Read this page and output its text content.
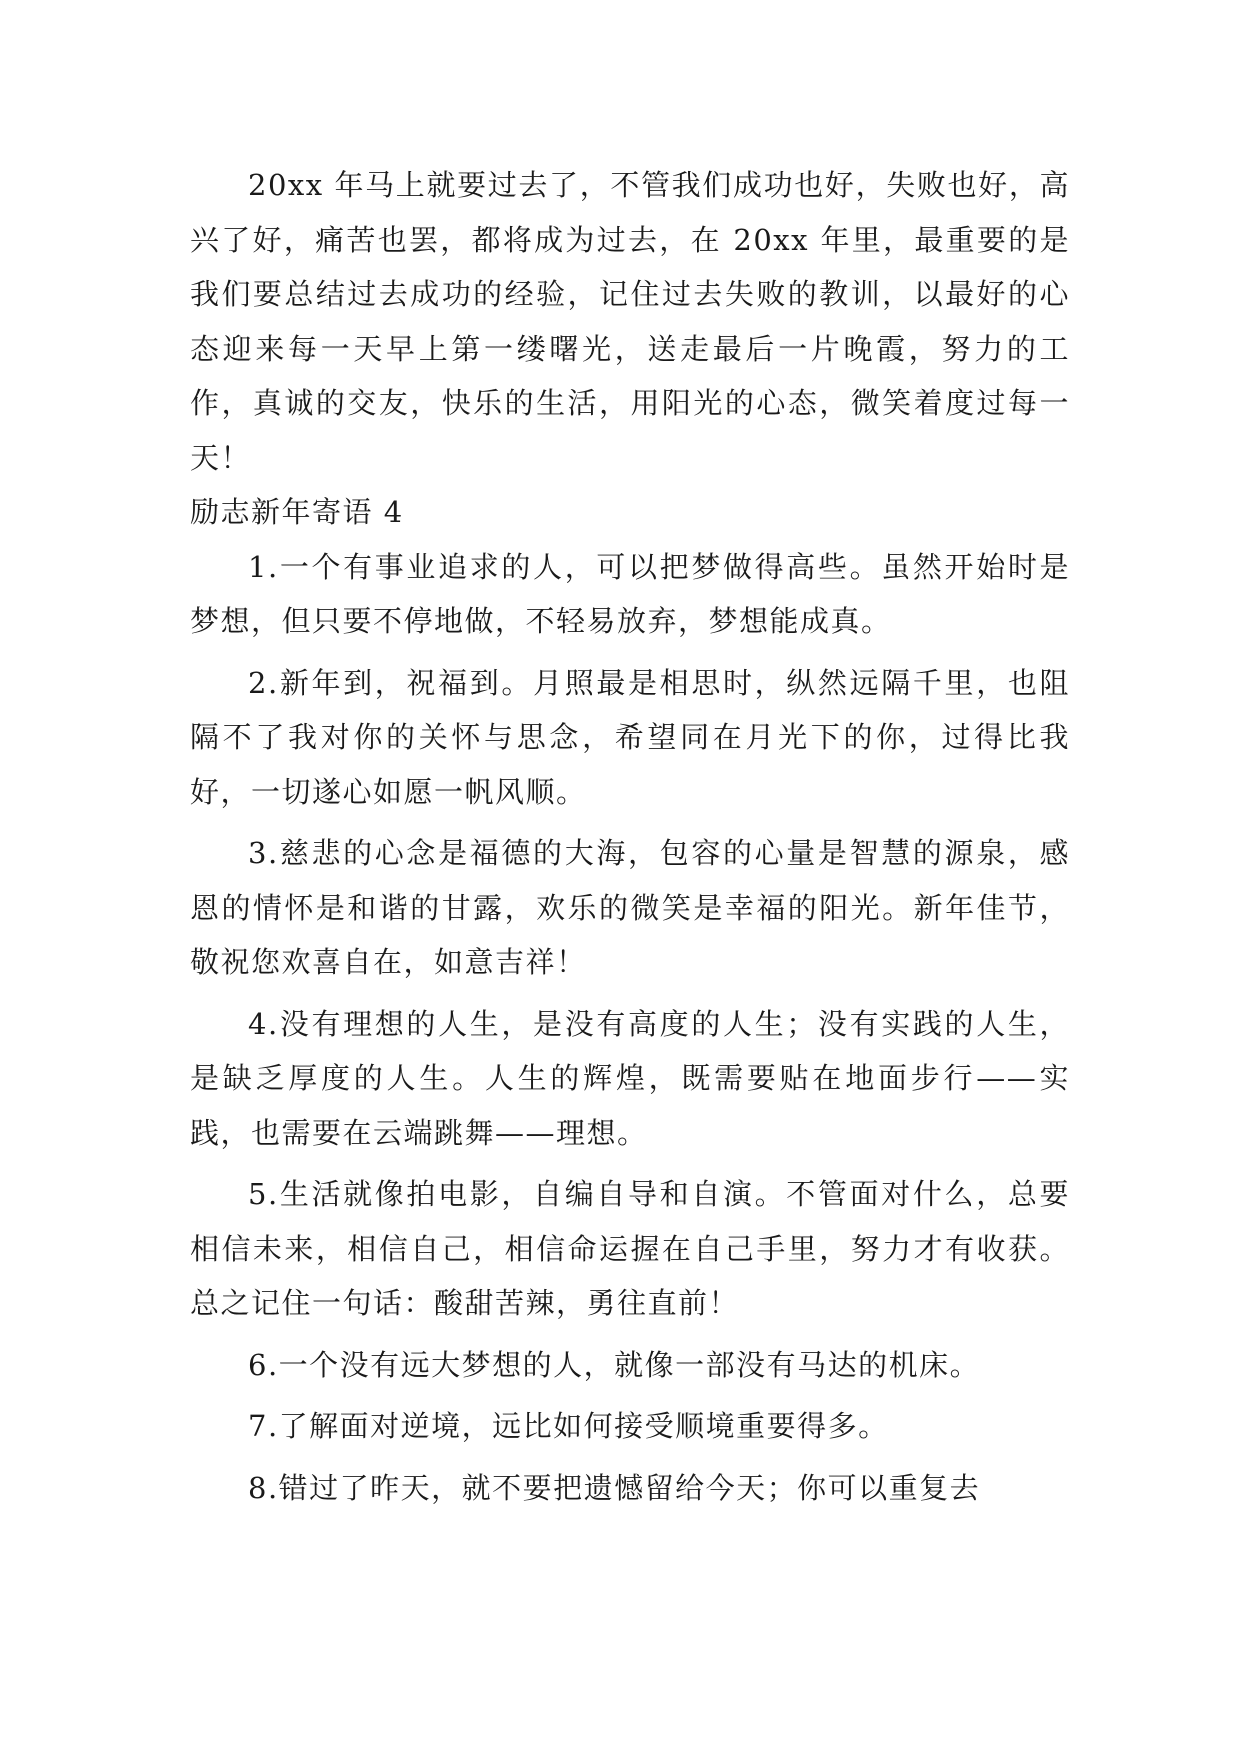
20xx 年马上就要过去了，不管我们成功也好，失败也好，高兴了好，痛苦也罢，都将成为过去，在 20xx 年里，最重要的是我们要总结过去成功的经验，记住过去失败的教训，以最好的心态迎来每一天早上第一缕曙光，送走最后一片晚霞，努力的工作，真诚的交友，快乐的生活，用阳光的心态，微笑着度过每一天！

励志新年寄语 4

1.一个有事业追求的人，可以把梦做得高些。虽然开始时是梦想，但只要不停地做，不轻易放弃，梦想能成真。

2.新年到，祝福到。月照最是相思时，纵然远隔千里，也阻隔不了我对你的关怀与思念，希望同在月光下的你，过得比我好，一切遂心如愿一帆风顺。

3.慈悲的心念是福德的大海，包容的心量是智慧的源泉，感恩的情怀是和谐的甘露，欢乐的微笑是幸福的阳光。新年佳节，敬祝您欢喜自在，如意吉祥！

4.没有理想的人生，是没有高度的人生；没有实践的人生，是缺乏厚度的人生。人生的辉煌，既需要贴在地面步行——实践，也需要在云端跳舞——理想。

5.生活就像拍电影，自编自导和自演。不管面对什么，总要相信未来，相信自己，相信命运握在自己手里，努力才有收获。总之记住一句话：酸甜苦辣，勇往直前！

6.一个没有远大梦想的人，就像一部没有马达的机床。

7.了解面对逆境，远比如何接受顺境重要得多。

8.错过了昨天，就不要把遗憾留给今天；你可以重复去
